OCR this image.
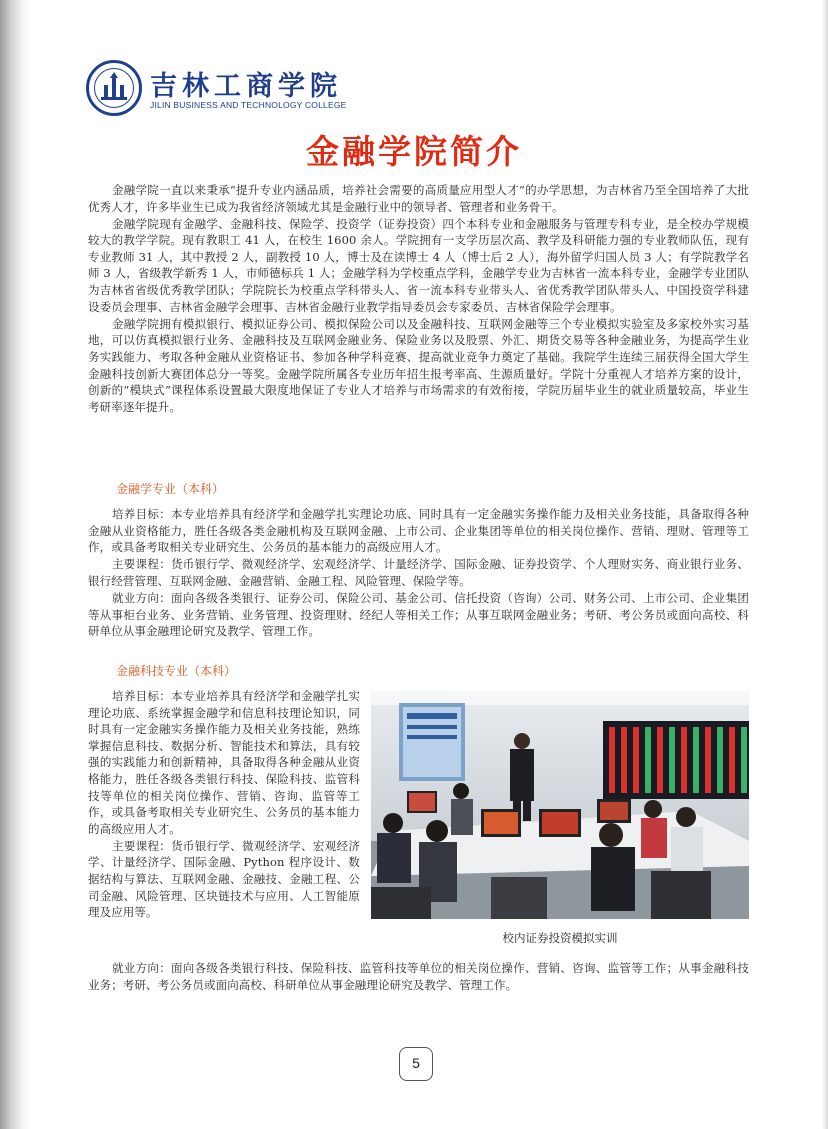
吉林工商学院
JILIN BUSINESS AND TECHNOLOGY COLLEGE
金融学院简介

金融学院一直以来秉承“提升专业内涵品质，培养社会需要的高质量应用型人才”的办学思想，为吉林省乃至全国培养了大批优秀人才，许多毕业生已成为我省经济领域尤其是金融行业中的领导者、管理者和业务骨干。

金融学院现有金融学、金融科技、保险学、投资学（证券投资）四个本科专业和金融服务与管理专科专业，是全校办学规模较大的教学学院。现有教职工 41 人，在校生 1600 余人。学院拥有一支学历层次高、教学及科研能力强的专业教师队伍，现有专业教师 31 人，其中教授 2 人，副教授 10 人，博士及在读博士 4 人（博士后 2 人），海外留学归国人员 3 人；有学院教学名师 3 人，省级教学新秀 1 人，市师德标兵 1 人；金融学科为学校重点学科，金融学专业为吉林省一流本科专业，金融学专业团队为吉林省省级优秀教学团队；学院院长为校重点学科带头人、省一流本科专业带头人、省优秀教学团队带头人、中国投资学科建设委员会理事、吉林省金融学会理事、吉林省金融行业教学指导委员会专家委员、吉林省保险学会理事。

金融学院拥有模拟银行、模拟证券公司、模拟保险公司以及金融科技、互联网金融等三个专业模拟实验室及多家校外实习基地，可以仿真模拟银行业务、金融科技及互联网金融业务、保险业务以及股票、外汇、期货交易等各种金融业务，为提高学生业务实践能力、考取各种金融从业资格证书、参加各种学科竞赛、提高就业竞争力奠定了基础。我院学生连续三届获得全国大学生金融科技创新大赛团体总分一等奖。金融学院所属各专业历年招生报考率高、生源质量好。学院十分重视人才培养方案的设计，创新的“模块式”课程体系设置最大限度地保证了专业人才培养与市场需求的有效衔接，学院历届毕业生的就业质量较高，毕业生考研率逐年提升。

金融学专业（本科）

培养目标：本专业培养具有经济学和金融学扎实理论功底、同时具有一定金融实务操作能力及相关业务技能，具备取得各种金融从业资格能力，胜任各级各类金融机构及互联网金融、上市公司、企业集团等单位的相关岗位操作、营销、理财、管理等工作，或具备考取相关专业研究生、公务员的基本能力的高级应用人才。

主要课程：货币银行学、微观经济学、宏观经济学、计量经济学、国际金融、证券投资学、个人理财实务、商业银行业务、银行经营管理、互联网金融、金融营销、金融工程、风险管理、保险学等。

就业方向：面向各级各类银行、证券公司、保险公司、基金公司、信托投资（咨询）公司、财务公司、上市公司、企业集团等从事柜台业务、业务营销、业务管理、投资理财、经纪人等相关工作；从事互联网金融业务；考研、考公务员或面向高校、科研单位从事金融理论研究及教学、管理工作。

金融科技专业（本科）

培养目标：本专业培养具有经济学和金融学扎实理论功底、系统掌握金融学和信息科技理论知识，同时具有一定金融实务操作能力及相关业务技能，熟练掌握信息科技、数据分析、智能技术和算法，具有较强的实践能力和创新精神，具备取得各种金融从业资格能力，胜任各级各类银行科技、保险科技、监管科技等单位的相关岗位操作、营销、咨询、监管等工作，或具备考取相关专业研究生、公务员的基本能力的高级应用人才。

主要课程：货币银行学、微观经济学、宏观经济学、计量经济学、国际金融、Python 程序设计、数据结构与算法、互联网金融、金融技、金融工程、公司金融、风险管理、区块链技术与应用、人工智能原理及应用等。

就业方向：面向各级各类银行科技、保险科技、监管科技等单位的相关岗位操作、营销、咨询、监管等工作；从事金融科技业务；考研、考公务员或面向高校、科研单位从事金融理论研究及教学、管理工作。

校内证券投资模拟实训
5
